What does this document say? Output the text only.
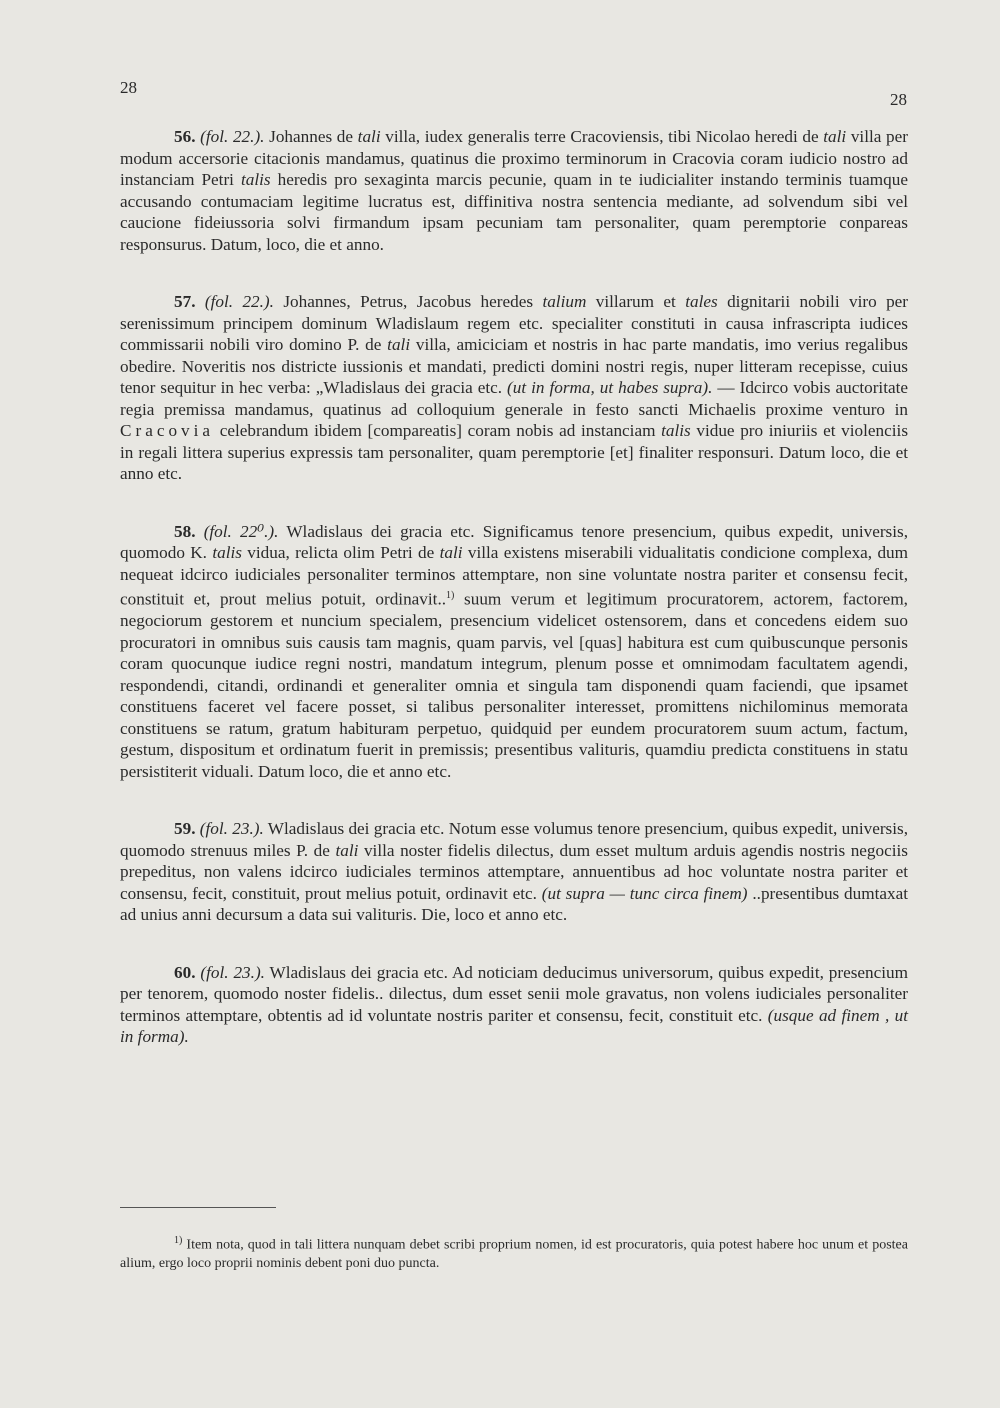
28
28

56. (fol. 22.). Johannes de tali villa, iudex generalis terre Cracoviensis, tibi Nicolao heredi de tali villa per modum accersorie citacionis mandamus, quatinus die proximo terminorum in Cracovia coram iudicio nostro ad instanciam Petri talis heredis pro sexaginta marcis pecunie, quam in te iudicialiter instando terminis tuamque accusando contumaciam legitime lucratus est, diffinitiva nostra sentencia mediante, ad solvendum sibi vel caucione fideiussoria solvi firmandum ipsam pecuniam tam personaliter, quam peremptorie conpareas responsurus. Datum, loco, die et anno.

57. (fol. 22.). Johannes, Petrus, Jacobus heredes talium villarum et tales dignitarii nobili viro per serenissimum principem dominum Wladislaum regem etc. specialiter constituti in causa infrascripta iudices commissarii nobili viro domino P. de tali villa, amiciciam et nostris in hac parte mandatis, imo verius regalibus obedire. Noveritis nos districte iussionis et mandati, predicti domini nostri regis, nuper litteram recepisse, cuius tenor sequitur in hec verba: „Wladislaus dei gracia etc. (ut in forma, ut habes supra). — Idcirco vobis auctoritate regia premissa mandamus, quatinus ad colloquium generale in festo sancti Michaelis proxime venturo in Cracovia celebrandum ibidem [compareatis] coram nobis ad instanciam talis vidue pro iniuriis et violenciis in regali littera superius expressis tam personaliter, quam peremptorie [et] finaliter responsuri. Datum loco, die et anno etc.

58. (fol. 22⁰.). Wladislaus dei gracia etc. Significamus tenore presencium, quibus expedit, universis, quomodo K. talis vidua, relicta olim Petri de tali villa existens miserabili vidualitatis condicione complexa, dum nequeat idcirco iudiciales personaliter terminos attemptare, non sine voluntate nostra pariter et consensu fecit, constituit et, prout melius potuit, ordinavit..$^{1)}$ suum verum et legitimum procuratorem, actorem, factorem, negociorum gestorem et nuncium specialem, presencium videlicet ostensorem, dans et concedens eidem suo procuratori in omnibus suis causis tam magnis, quam parvis, vel [quas] habitura est cum quibuscunque personis coram quocunque iudice regni nostri, mandatum integrum, plenum posse et omnimodam facultatem agendi, respondendi, citandi, ordinandi et generaliter omnia et singula tam disponendi quam faciendi, que ipsamet constituens faceret vel facere posset, si talibus personaliter interesset, promittens nichilominus memorata constituens se ratum, gratum habituram perpetuo, quidquid per eundem procuratorem suum actum, factum, gestum, dispositum et ordinatum fuerit in premissis; presentibus valituris, quamdiu predicta constituens in statu persistiterit viduali. Datum loco, die et anno etc.

59. (fol. 23.). Wladislaus dei gracia etc. Notum esse volumus tenore presencium, quibus expedit, universis, quomodo strenuus miles P. de tali villa noster fidelis dilectus, dum esset multum arduis agendis nostris negociis prepeditus, non valens idcirco iudiciales terminos attemptare, annuentibus ad hoc voluntate nostra pariter et consensu, fecit, constituit, prout melius potuit, ordinavit etc. (ut supra — tunc circa finem) ..presentibus dumtaxat ad unius anni decursum a data sui valituris. Die, loco et anno etc.

60. (fol. 23.). Wladislaus dei gracia etc. Ad noticiam deducimus universorum, quibus expedit, presencium per tenorem, quomodo noster fidelis.. dilectus, dum esset senii mole gravatus, non volens iudiciales personaliter terminos attemptare, obtentis ad id voluntate nostris pariter et consensu, fecit, constituit etc. (usque ad finem , ut in forma).

$^{1)}$ Item nota, quod in tali littera nunquam debet scribi proprium nomen, id est procuratoris, quia potest habere hoc unum et postea alium, ergo loco proprii nominis debent poni duo puncta.
